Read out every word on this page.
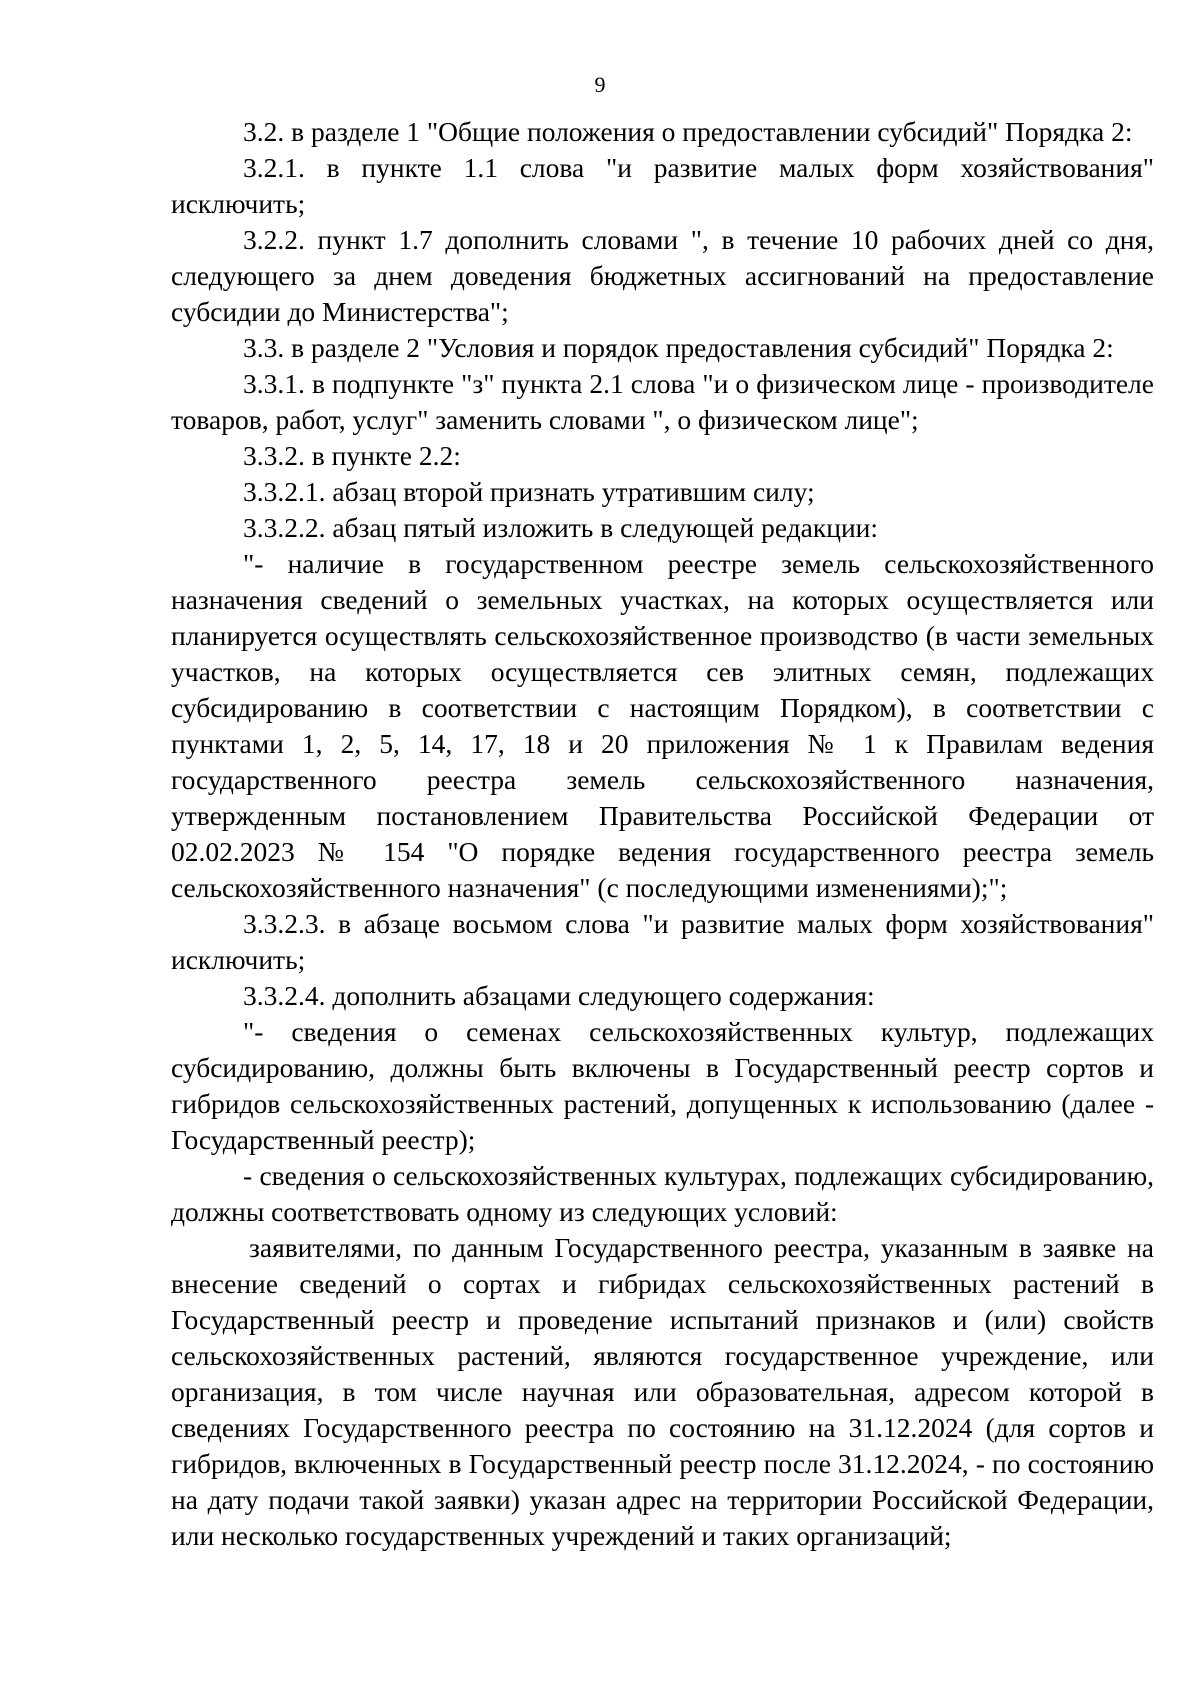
9

3.2. в разделе 1 "Общие положения о предоставлении субсидий" Порядка 2:

3.2.1. в пункте 1.1 слова "и развитие малых форм хозяйствования" исключить;

3.2.2. пункт 1.7 дополнить словами ", в течение 10 рабочих дней со дня, следующего за днем доведения бюджетных ассигнований на предоставление субсидии до Министерства";

3.3. в разделе 2 "Условия и порядок предоставления субсидий" Порядка 2:

3.3.1. в подпункте "з" пункта 2.1 слова "и о физическом лице - производителе товаров, работ, услуг" заменить словами ", о физическом лице";

3.3.2. в пункте 2.2:

3.3.2.1. абзац второй признать утратившим силу;

3.3.2.2. абзац пятый изложить в следующей редакции:

"- наличие в государственном реестре земель сельскохозяйственного назначения сведений о земельных участках, на которых осуществляется или планируется осуществлять сельскохозяйственное производство (в части земельных участков, на которых осуществляется сев элитных семян, подлежащих субсидированию в соответствии с настоящим Порядком), в соответствии с пунктами 1, 2, 5, 14, 17, 18 и 20 приложения № 1 к Правилам ведения государственного реестра земель сельскохозяйственного назначения, утвержденным постановлением Правительства Российской Федерации от 02.02.2023 № 154 "О порядке ведения государственного реестра земель сельскохозяйственного назначения" (с последующими изменениями);";

3.3.2.3. в абзаце восьмом слова "и развитие малых форм хозяйствования" исключить;

3.3.2.4. дополнить абзацами следующего содержания:

"- сведения о семенах сельскохозяйственных культур, подлежащих субсидированию, должны быть включены в Государственный реестр сортов и гибридов сельскохозяйственных растений, допущенных к использованию (далее - Государственный реестр);

- сведения о сельскохозяйственных культурах, подлежащих субсидированию, должны соответствовать одному из следующих условий:

заявителями, по данным Государственного реестра, указанным в заявке на внесение сведений о сортах и гибридах сельскохозяйственных растений в Государственный реестр и проведение испытаний признаков и (или) свойств сельскохозяйственных растений, являются государственное учреждение, или организация, в том числе научная или образовательная, адресом которой в сведениях Государственного реестра по состоянию на 31.12.2024 (для сортов и гибридов, включенных в Государственный реестр после 31.12.2024, - по состоянию на дату подачи такой заявки) указан адрес на территории Российской Федерации, или несколько государственных учреждений и таких организаций;
